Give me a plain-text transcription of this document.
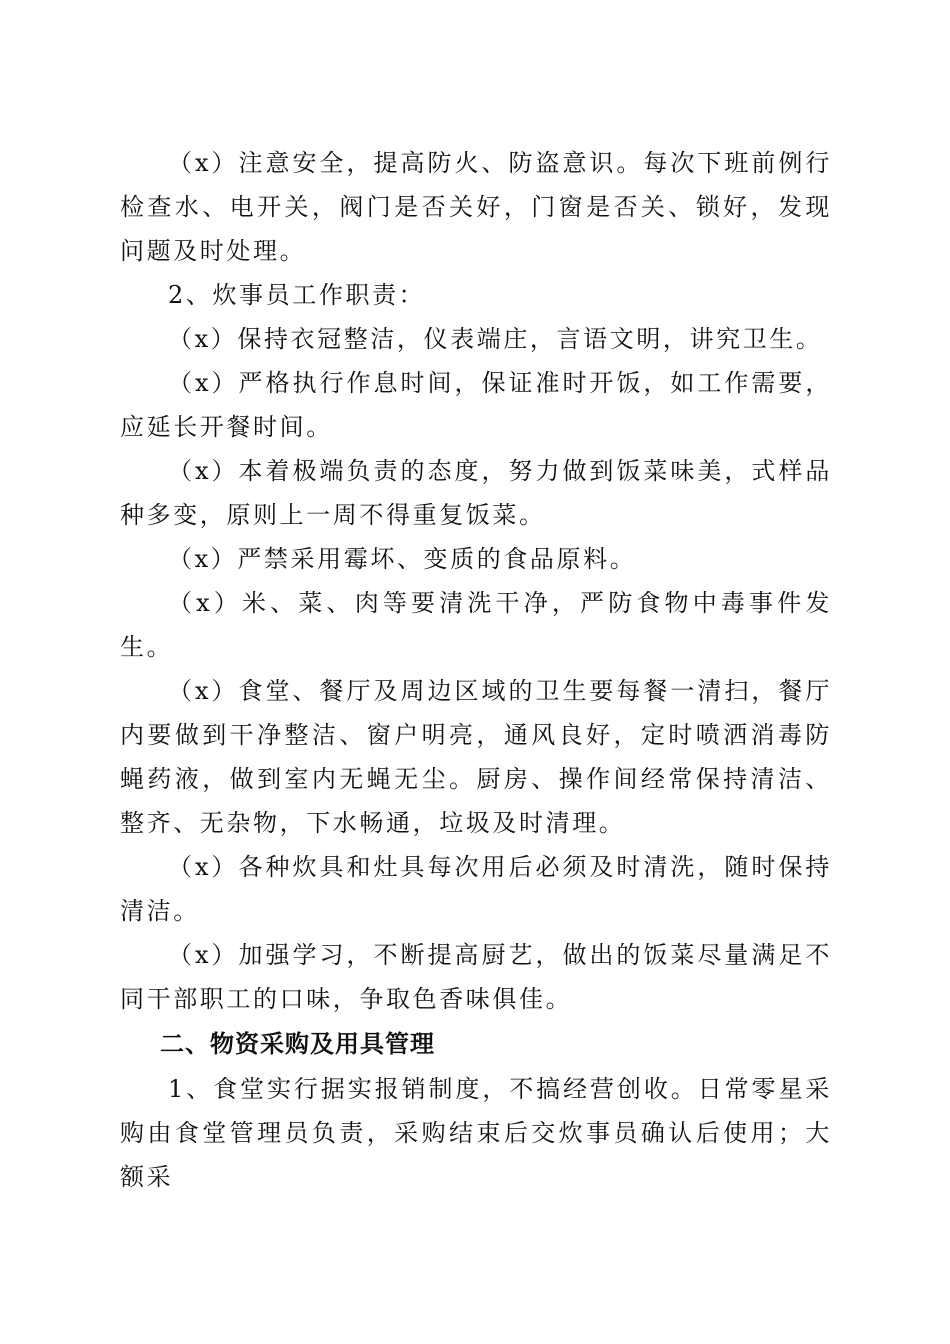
（x）注意安全，提高防火、防盗意识。每次下班前例行检查水、电开关，阀门是否关好，门窗是否关、锁好，发现问题及时处理。

2、炊事员工作职责：

（x）保持衣冠整洁，仪表端庄，言语文明，讲究卫生。

（x）严格执行作息时间，保证准时开饭，如工作需要，应延长开餐时间。

（x）本着极端负责的态度，努力做到饭菜味美，式样品种多变，原则上一周不得重复饭菜。

（x）严禁采用霉坏、变质的食品原料。

（x）米、菜、肉等要清洗干净，严防食物中毒事件发生。

（x）食堂、餐厅及周边区域的卫生要每餐一清扫，餐厅内要做到干净整洁、窗户明亮，通风良好，定时喷洒消毒防蝇药液，做到室内无蝇无尘。厨房、操作间经常保持清洁、整齐、无杂物，下水畅通，垃圾及时清理。

（x）各种炊具和灶具每次用后必须及时清洗，随时保持清洁。

（x）加强学习，不断提高厨艺，做出的饭菜尽量满足不同干部职工的口味，争取色香味俱佳。

二、物资采购及用具管理

1、食堂实行据实报销制度，不搞经营创收。日常零星采购由食堂管理员负责，采购结束后交炊事员确认后使用；大额采
